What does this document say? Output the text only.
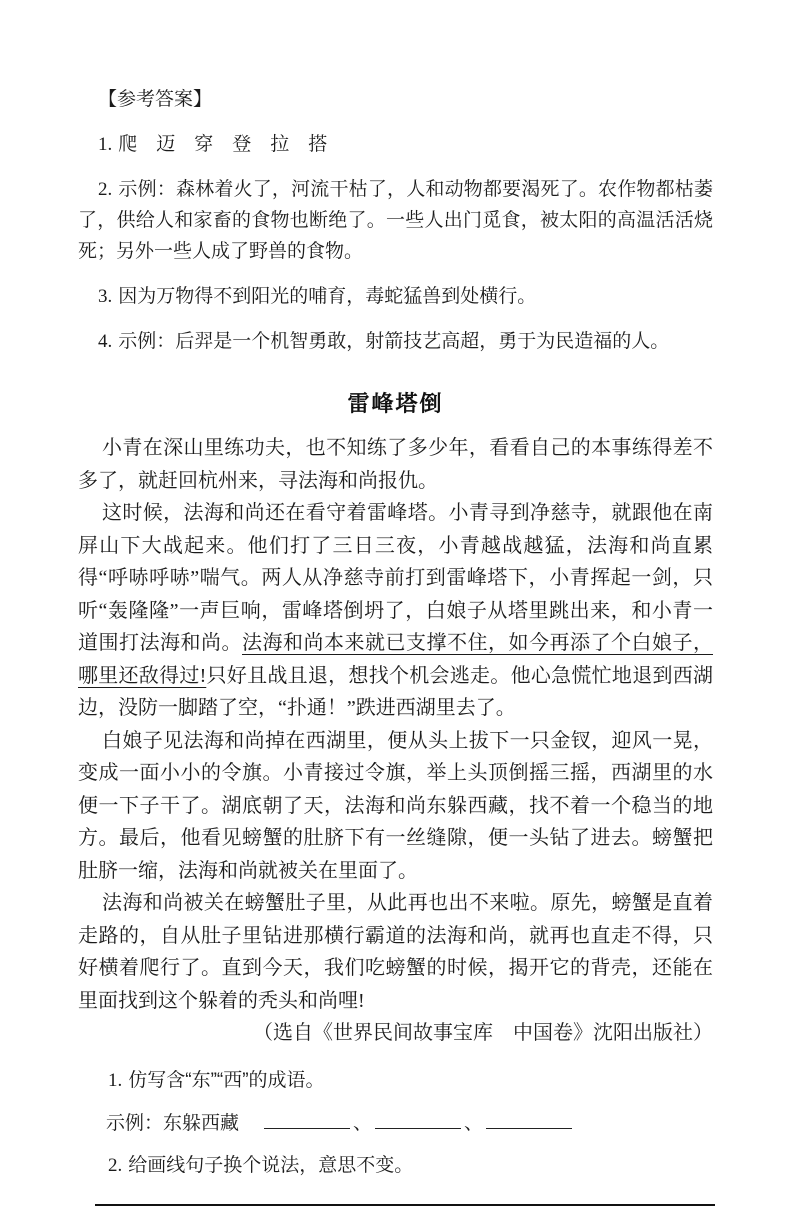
【参考答案】

1. 爬　迈　穿　登　拉　搭

2. 示例：森林着火了，河流干枯了，人和动物都要渴死了。农作物都枯萎了，供给人和家畜的食物也断绝了。一些人出门觅食，被太阳的高温活活烧死；另外一些人成了野兽的食物。

3. 因为万物得不到阳光的哺育，毒蛇猛兽到处横行。

4. 示例：后羿是一个机智勇敢，射箭技艺高超，勇于为民造福的人。

雷峰塔倒

小青在深山里练功夫，也不知练了多少年，看看自己的本事练得差不多了，就赶回杭州来，寻法海和尚报仇。

这时候，法海和尚还在看守着雷峰塔。小青寻到净慈寺，就跟他在南屏山下大战起来。他们打了三日三夜，小青越战越猛，法海和尚直累得“呼哧呼哧”喘气。两人从净慈寺前打到雷峰塔下，小青挥起一剑，只听“轰隆隆”一声巨响，雷峰塔倒坍了，白娘子从塔里跳出来，和小青一道围打法海和尚。法海和尚本来就已支撑不住，如今再添了个白娘子，哪里还敌得过!只好且战且退，想找个机会逃走。他心急慌忙地退到西湖边，没防一脚踏了空，“扑通！”跌进西湖里去了。

白娘子见法海和尚掉在西湖里，便从头上拔下一只金钗，迎风一晃，变成一面小小的令旗。小青接过令旗，举上头顶倒摇三摇，西湖里的水便一下子干了。湖底朝了天，法海和尚东躲西藏，找不着一个稳当的地方。最后，他看见螃蟹的肚脐下有一丝缝隙，便一头钻了进去。螃蟹把肚脐一缩，法海和尚就被关在里面了。

法海和尚被关在螃蟹肚子里，从此再也出不来啦。原先，螃蟹是直着走路的，自从肚子里钻进那横行霸道的法海和尚，就再也直走不得，只好横着爬行了。直到今天，我们吃螃蟹的时候，揭开它的背壳，还能在里面找到这个躲着的秃头和尚哩!

（选自《世界民间故事宝库　中国卷》沈阳出版社）

1. 仿写含“东”“西”的成语。
示例：东躲西藏	、	、
2. 给画线句子换个说法，意思不变。
